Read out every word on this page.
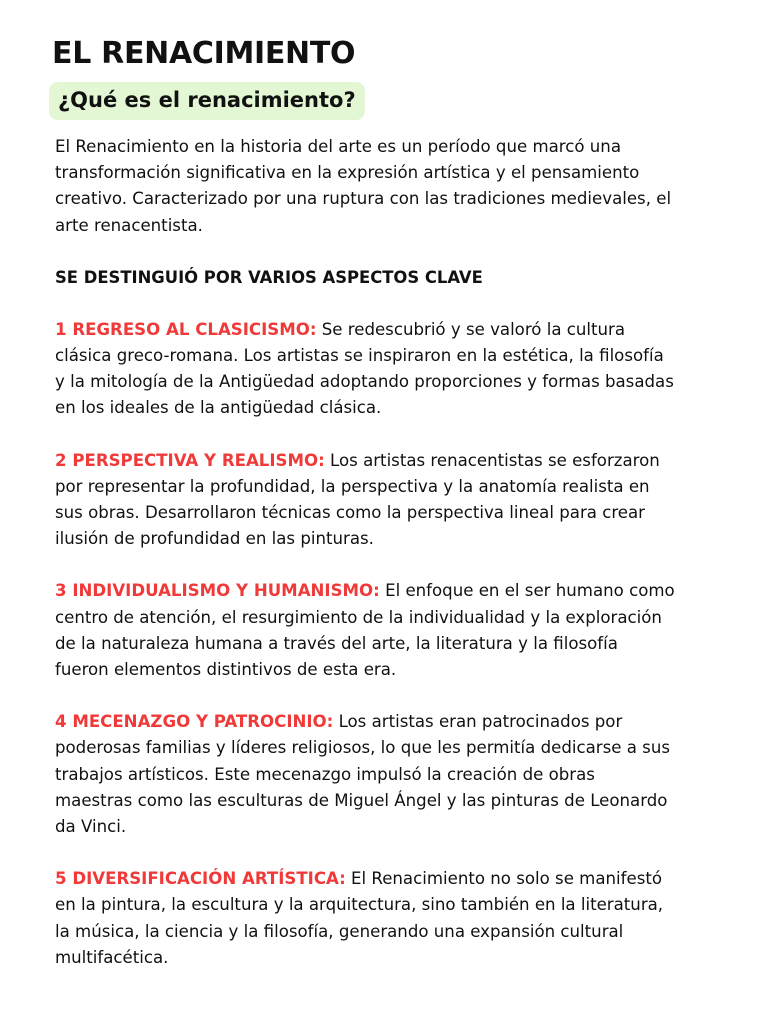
EL RENACIMIENTO
¿Qué es el renacimiento?

El Renacimiento en la historia del arte es un período que marcó una transformación significativa en la expresión artística y el pensamiento creativo. Caracterizado por una ruptura con las tradiciones medievales, el arte renacentista.

SE DESTINGUIÓ POR VARIOS ASPECTOS CLAVE

1 REGRESO AL CLASICISMO: Se redescubrió y se valoró la cultura clásica greco-romana. Los artistas se inspiraron en la estética, la filosofía y la mitología de la Antigüedad adoptando proporciones y formas basadas en los ideales de la antigüedad clásica.

2 PERSPECTIVA Y REALISMO: Los artistas renacentistas se esforzaron por representar la profundidad, la perspectiva y la anatomía realista en sus obras. Desarrollaron técnicas como la perspectiva lineal para crear ilusión de profundidad en las pinturas.

3 INDIVIDUALISMO Y HUMANISMO: El enfoque en el ser humano como centro de atención, el resurgimiento de la individualidad y la exploración de la naturaleza humana a través del arte, la literatura y la filosofía fueron elementos distintivos de esta era.

4 MECENAZGO Y PATROCINIO: Los artistas eran patrocinados por poderosas familias y líderes religiosos, lo que les permitía dedicarse a sus trabajos artísticos. Este mecenazgo impulsó la creación de obras maestras como las esculturas de Miguel Ángel y las pinturas de Leonardo da Vinci.

5 DIVERSIFICACIÓN ARTÍSTICA: El Renacimiento no solo se manifestó en la pintura, la escultura y la arquitectura, sino también en la literatura, la música, la ciencia y la filosofía, generando una expansión cultural multifacética.
